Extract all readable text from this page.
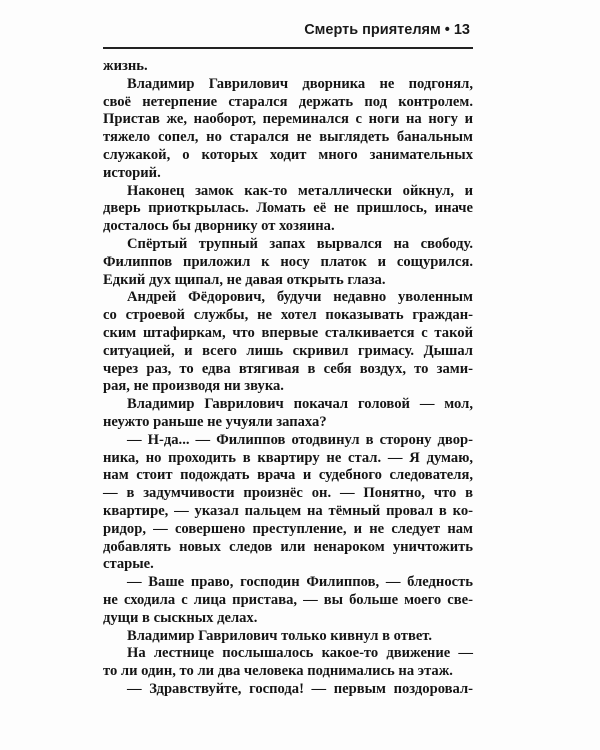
Смерть приятелям • 13
жизнь.
Владимир Гаврилович дворника не подгонял,
своё нетерпение старался держать под контролем.
Пристав же, наоборот, переминался с ноги на ногу и
тяжело сопел, но старался не выглядеть банальным
служакой, о которых ходит много занимательных
историй.
Наконец замок как-то металлически ойкнул, и
дверь приоткрылась. Ломать её не пришлось, иначе
досталось бы дворнику от хозяина.
Спёртый трупный запах вырвался на свободу.
Филиппов приложил к носу платок и сощурился.
Едкий дух щипал, не давая открыть глаза.
Андрей Фёдорович, будучи недавно уволенным
со строевой службы, не хотел показывать граждан-
ским штафиркам, что впервые сталкивается с такой
ситуацией, и всего лишь скривил гримасу. Дышал
через раз, то едва втягивая в себя воздух, то зами-
рая, не производя ни звука.
Владимир Гаврилович покачал головой — мол,
неужто раньше не учуяли запаха?
— Н-да... — Филиппов отодвинул в сторону двор-
ника, но проходить в квартиру не стал. — Я думаю,
нам стоит подождать врача и судебного следователя,
— в задумчивости произнёс он. — Понятно, что в
квартире, — указал пальцем на тёмный провал в ко-
ридор, — совершено преступление, и не следует нам
добавлять новых следов или ненароком уничтожить
старые.
— Ваше право, господин Филиппов, — бледность
не сходила с лица пристава, — вы больше моего све-
дущи в сыскных делах.
Владимир Гаврилович только кивнул в ответ.
На лестнице послышалось какое-то движение —
то ли один, то ли два человека поднимались на этаж.
— Здравствуйте, господа! — первым поздоровал-
